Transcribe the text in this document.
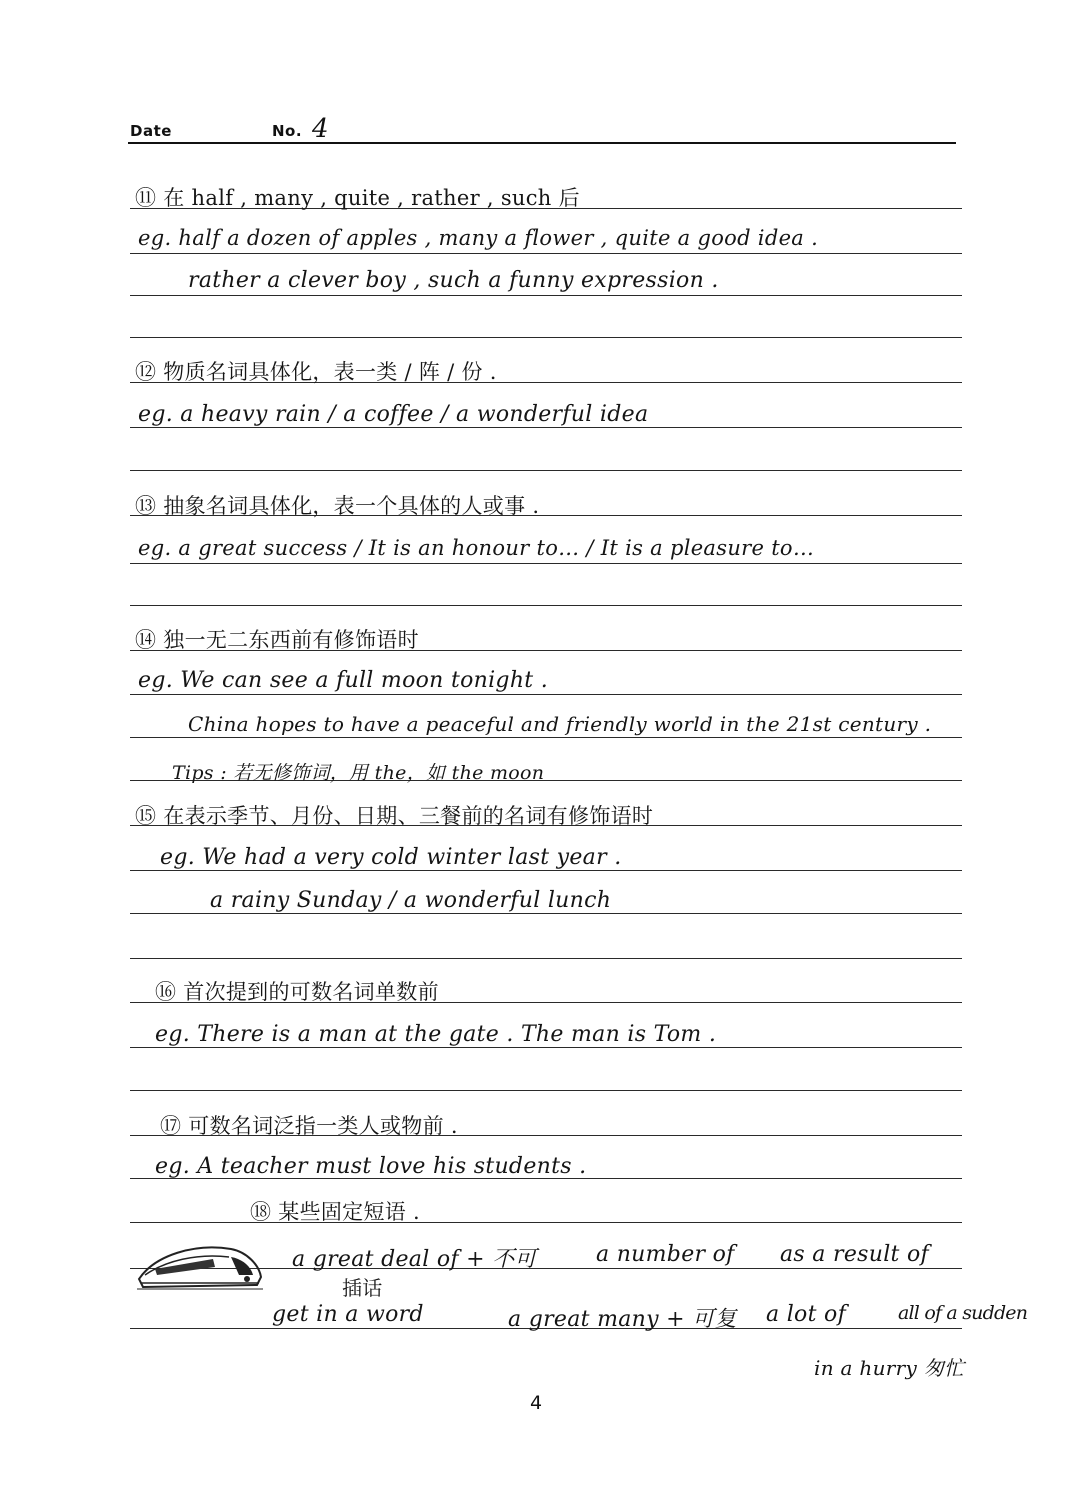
Date	No. 4
⑪ 在 half , many , quite , rather , such 后
eg. half a dozen of apples , many a flower , quite a good idea .
rather a clever boy , such a funny expression .
⑫ 物质名词具体化，表一类 / 阵 / 份 .
eg. a heavy rain / a coffee / a wonderful idea
⑬ 抽象名词具体化，表一个具体的人或事 .
eg. a great success / It is an honour to… / It is a pleasure to…
⑭ 独一无二东西前有修饰语时
eg. We can see a full moon tonight .
China hopes to have a peaceful and friendly world in the 21st century .
Tips : 若无修饰词，用 the，如 the moon
⑮ 在表示季节、月份、日期、三餐前的名词有修饰语时
eg. We had a very cold winter last year .
a rainy Sunday / a wonderful lunch
⑯ 首次提到的可数名词单数前
eg. There is a man at the gate . The man is Tom .
⑰ 可数名词泛指一类人或物前 .
eg. A teacher must love his students .
⑱ 某些固定短语 .
a great deal of + 不可	a number of as a result of
插话
get in a word	a great many + 可复 a lot of	all of a sudden
in a hurry 匆忙
4
